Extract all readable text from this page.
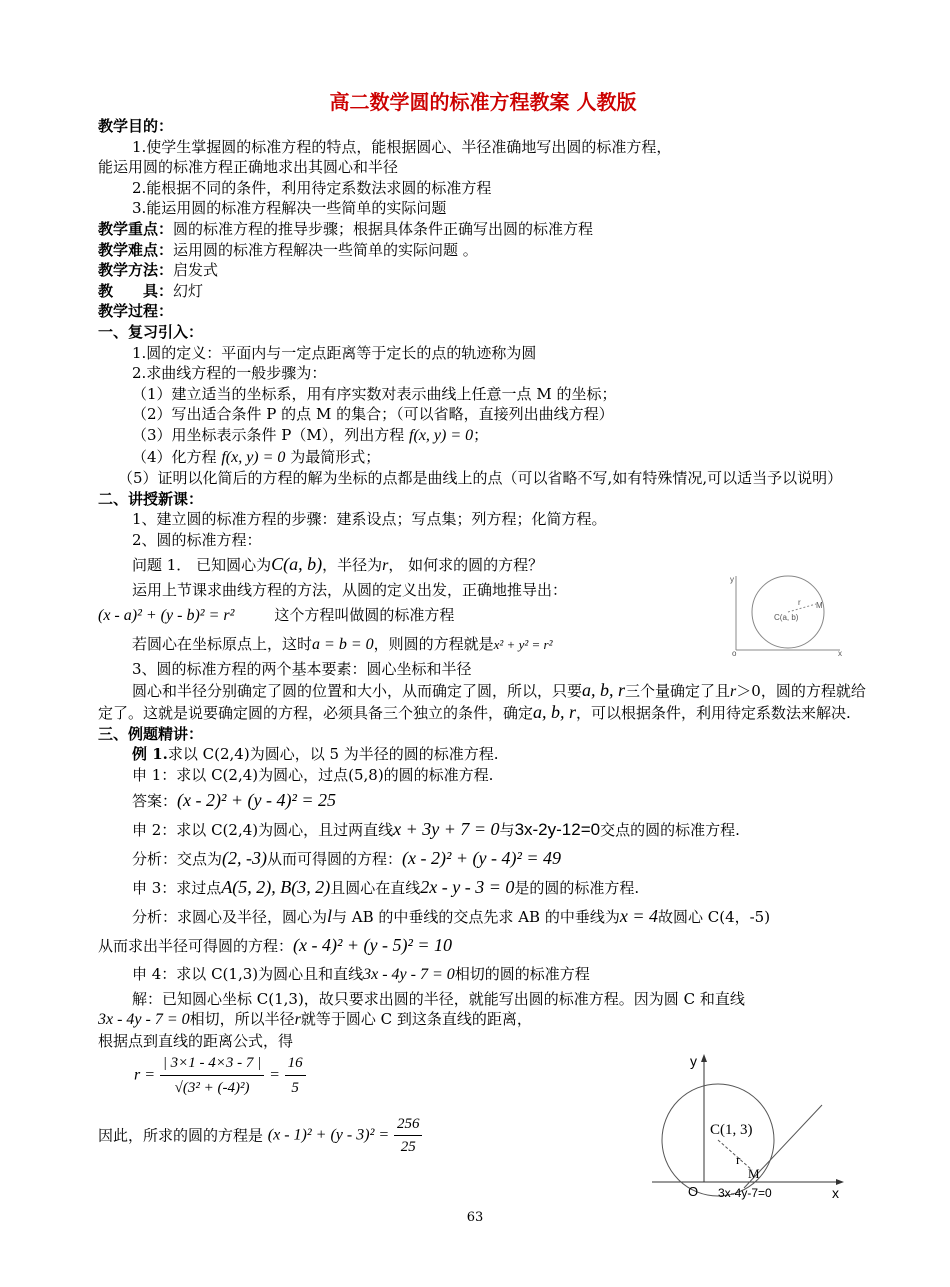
高二数学圆的标准方程教案 人教版
教学目的：
1.使学生掌握圆的标准方程的特点，能根据圆心、半径准确地写出圆的标准方程，
能运用圆的标准方程正确地求出其圆心和半径
2.能根据不同的条件，利用待定系数法求圆的标准方程
3.能运用圆的标准方程解决一些简单的实际问题
教学重点：圆的标准方程的推导步骤；根据具体条件正确写出圆的标准方程
教学难点：运用圆的标准方程解决一些简单的实际问题 。
教学方法：启发式
教　　具：幻灯
教学过程：
一、复习引入：
1.圆的定义：平面内与一定点距离等于定长的点的轨迹称为圆
2.求曲线方程的一般步骤为：
（1）建立适当的坐标系，用有序实数对表示曲线上任意一点 M 的坐标；
（2）写出适合条件 P 的点 M 的集合；（可以省略，直接列出曲线方程）
（3）用坐标表示条件 P（M），列出方程 f(x, y) = 0；
（4）化方程 f(x, y) = 0 为最简形式；
（5）证明以化简后的方程的解为坐标的点都是曲线上的点（可以省略不写,如有特殊情况,可以适当予以说明）
二、讲授新课：
1、建立圆的标准方程的步骤：建系设点；写点集；列方程；化简方程。
2、圆的标准方程：
问题 1． 已知圆心为C(a, b)，半径为r， 如何求的圆的方程？
运用上节课求曲线方程的方法，从圆的定义出发，正确地推导出：
(x - a)² + (y - b)² = r²	这个方程叫做圆的标准方程
若圆心在坐标原点上，这时a = b = 0，则圆的方程就是x² + y² = r²
3、圆的标准方程的两个基本要素：圆心坐标和半径
圆心和半径分别确定了圆的位置和大小，从而确定了圆，所以，只要a, b, r三个量确定了且r＞0，圆的方程就给定了。这就是说要确定圆的方程，必须具备三个独立的条件，确定a, b, r，可以根据条件，利用待定系数法来解决.
三、例题精讲：
例 1.求以 C(2,4)为圆心，以 5 为半径的圆的标准方程.
申 1：求以 C(2,4)为圆心，过点(5,8)的圆的标准方程.
答案：(x - 2)² + (y - 4)² = 25
申 2：求以 C(2,4)为圆心，且过两直线x + 3y + 7 = 0与3x-2y-12=0交点的圆的标准方程.
分析：交点为(2, -3)从而可得圆的方程：(x - 2)² + (y - 4)² = 49
申 3：求过点A(5, 2), B(3, 2)且圆心在直线2x - y - 3 = 0是的圆的标准方程.
分析：求圆心及半径，圆心为l与 AB 的中垂线的交点先求 AB 的中垂线为x = 4故圆心 C(4，-5)
从而求出半径可得圆的方程：(x - 4)² + (y - 5)² = 10
申 4：求以 C(1,3)为圆心且和直线3x - 4y - 7 = 0相切的圆的标准方程
解：已知圆心坐标 C(1,3)，故只要求出圆的半径，就能写出圆的标准方程。因为圆 C 和直线
3x - 4y - 7 = 0相切，所以半径r就等于圆心 C 到这条直线的距离，
根据点到直线的距离公式，得
$r = \frac{| 3\times 1 - 4\times 3 - 7 |}{\text{√(3² + (-4)²)}} = \frac{16}{5}$
因此，所求的圆的方程是 $(x - 1)^2 + (y - 3)^2 = \frac{256}{25}$
y
o	x
r M
C(a, b)
y
O	x
r
M
C(1, 3)
3x-4y-7=0
63
